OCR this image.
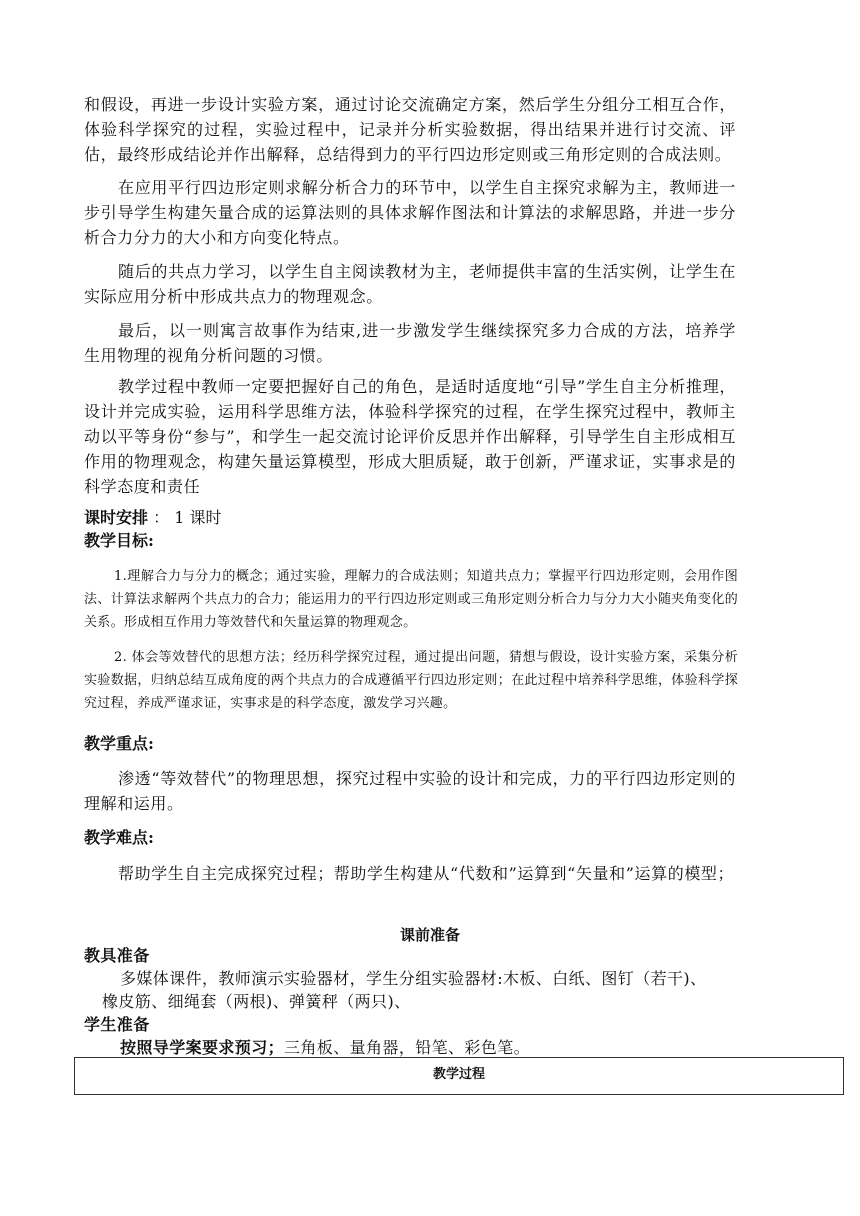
和假设，再进一步设计实验方案，通过讨论交流确定方案，然后学生分组分工相互合作，体验科学探究的过程，实验过程中，记录并分析实验数据，得出结果并进行讨交流、评估，最终形成结论并作出解释，总结得到力的平行四边形定则或三角形定则的合成法则。

在应用平行四边形定则求解分析合力的环节中，以学生自主探究求解为主，教师进一步引导学生构建矢量合成的运算法则的具体求解作图法和计算法的求解思路，并进一步分析合力分力的大小和方向变化特点。

随后的共点力学习，以学生自主阅读教材为主，老师提供丰富的生活实例，让学生在实际应用分析中形成共点力的物理观念。

最后，以一则寓言故事作为结束,进一步激发学生继续探究多力合成的方法，培养学生用物理的视角分析问题的习惯。

教学过程中教师一定要把握好自己的角色，是适时适度地“引导”学生自主分析推理，设计并完成实验，运用科学思维方法，体验科学探究的过程，在学生探究过程中，教师主动以平等身份“参与”，和学生一起交流讨论评价反思并作出解释，引导学生自主形成相互作用的物理观念，构建矢量运算模型，形成大胆质疑，敢于创新，严谨求证，实事求是的科学态度和责任

课时安排 ： 1 课时

教学目标:

1.理解合力与分力的概念；通过实验，理解力的合成法则；知道共点力；掌握平行四边形定则，会用作图法、计算法求解两个共点力的合力；能运用力的平行四边形定则或三角形定则分析合力与分力大小随夹角变化的关系。形成相互作用力等效替代和矢量运算的物理观念。

2. 体会等效替代的思想方法；经历科学探究过程，通过提出问题，猜想与假设，设计实验方案，采集分析实验数据，归纳总结互成角度的两个共点力的合成遵循平行四边形定则；在此过程中培养科学思维，体验科学探究过程，养成严谨求证，实事求是的科学态度，激发学习兴趣。

教学重点:

渗透“等效替代”的物理思想，探究过程中实验的设计和完成，力的平行四边形定则的理解和运用。

教学难点:

帮助学生自主完成探究过程；帮助学生构建从“代数和”运算到“矢量和”运算的模型；

课前准备

教具准备

多媒体课件，教师演示实验器材，学生分组实验器材:木板、白纸、图钉（若干)、

橡皮筋、细绳套（两根)、弹簧秤（两只)、

学生准备

按照导学案要求预习；三角板、量角器，铅笔、彩色笔。

教学过程
